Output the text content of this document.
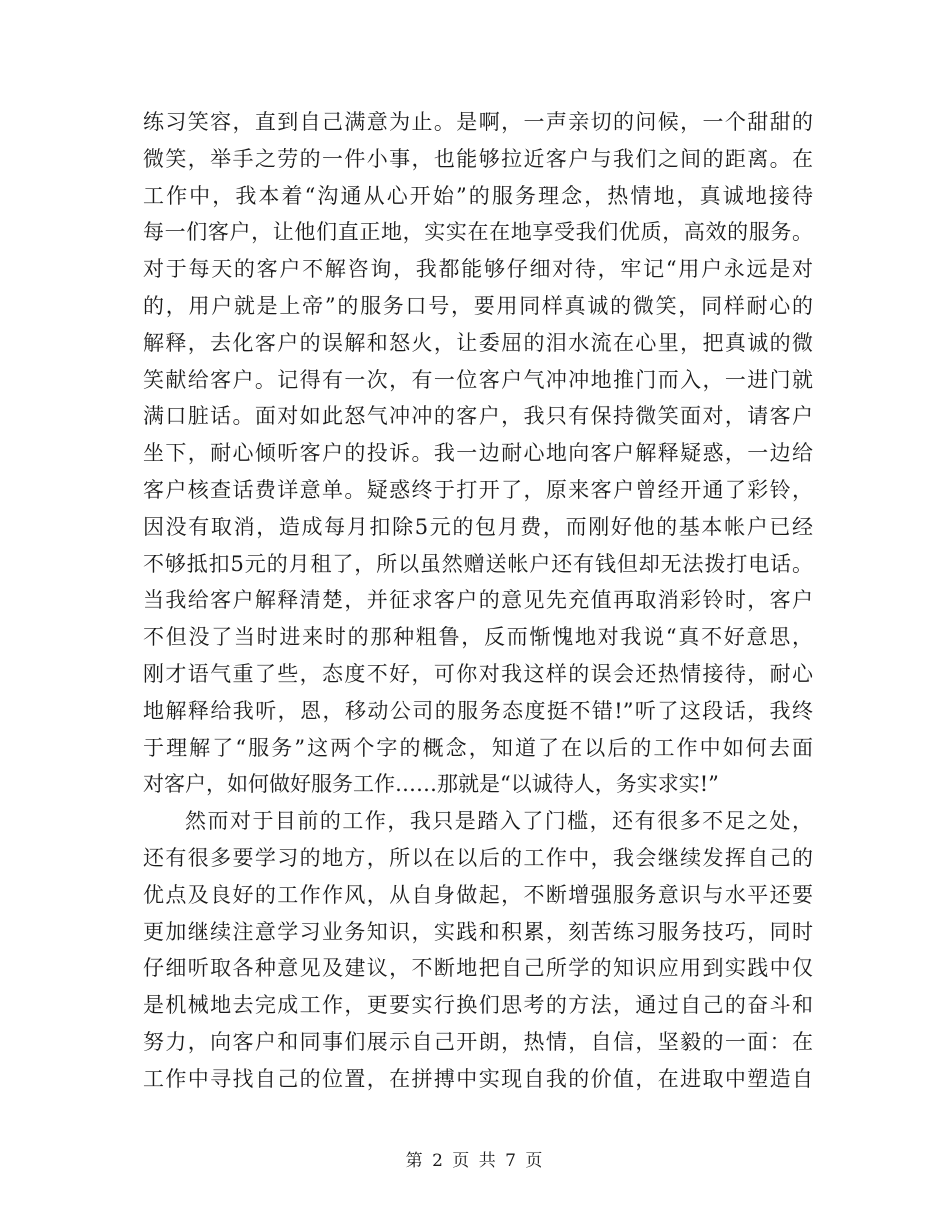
练习笑容，直到自己满意为止。是啊，一声亲切的问候，一个甜甜的
微笑，举手之劳的一件小事，也能够拉近客户与我们之间的距离。在
工作中，我本着“沟通从心开始”的服务理念，热情地，真诚地接待
每一们客户，让他们直正地，实实在在地享受我们优质，高效的服务。
对于每天的客户不解咨询，我都能够仔细对待，牢记“用户永远是对
的，用户就是上帝”的服务口号，要用同样真诚的微笑，同样耐心的
解释，去化客户的误解和怒火，让委屈的泪水流在心里，把真诚的微
笑献给客户。记得有一次，有一位客户气冲冲地推门而入，一进门就
满口脏话。面对如此怒气冲冲的客户，我只有保持微笑面对，请客户
坐下，耐心倾听客户的投诉。我一边耐心地向客户解释疑惑，一边给
客户核查话费详意单。疑惑终于打开了，原来客户曾经开通了彩铃，
因没有取消，造成每月扣除5元的包月费，而刚好他的基本帐户已经
不够抵扣5元的月租了，所以虽然赠送帐户还有钱但却无法拨打电话。
当我给客户解释清楚，并征求客户的意见先充值再取消彩铃时，客户
不但没了当时进来时的那种粗鲁，反而惭愧地对我说“真不好意思，
刚才语气重了些，态度不好，可你对我这样的误会还热情接待，耐心
地解释给我听，恩，移动公司的服务态度挺不错!”听了这段话，我终
于理解了“服务”这两个字的概念，知道了在以后的工作中如何去面
对客户，如何做好服务工作……那就是“以诚待人，务实求实!”
然而对于目前的工作，我只是踏入了门槛，还有很多不足之处，
还有很多要学习的地方，所以在以后的工作中，我会继续发挥自己的
优点及良好的工作作风，从自身做起，不断增强服务意识与水平还要
更加继续注意学习业务知识，实践和积累，刻苦练习服务技巧，同时
仔细听取各种意见及建议，不断地把自己所学的知识应用到实践中仅
是机械地去完成工作，更要实行换们思考的方法，通过自己的奋斗和
努力，向客户和同事们展示自己开朗，热情，自信，坚毅的一面：在
工作中寻找自己的位置，在拼搏中实现自我的价值，在进取中塑造自
第 2 页 共 7 页
